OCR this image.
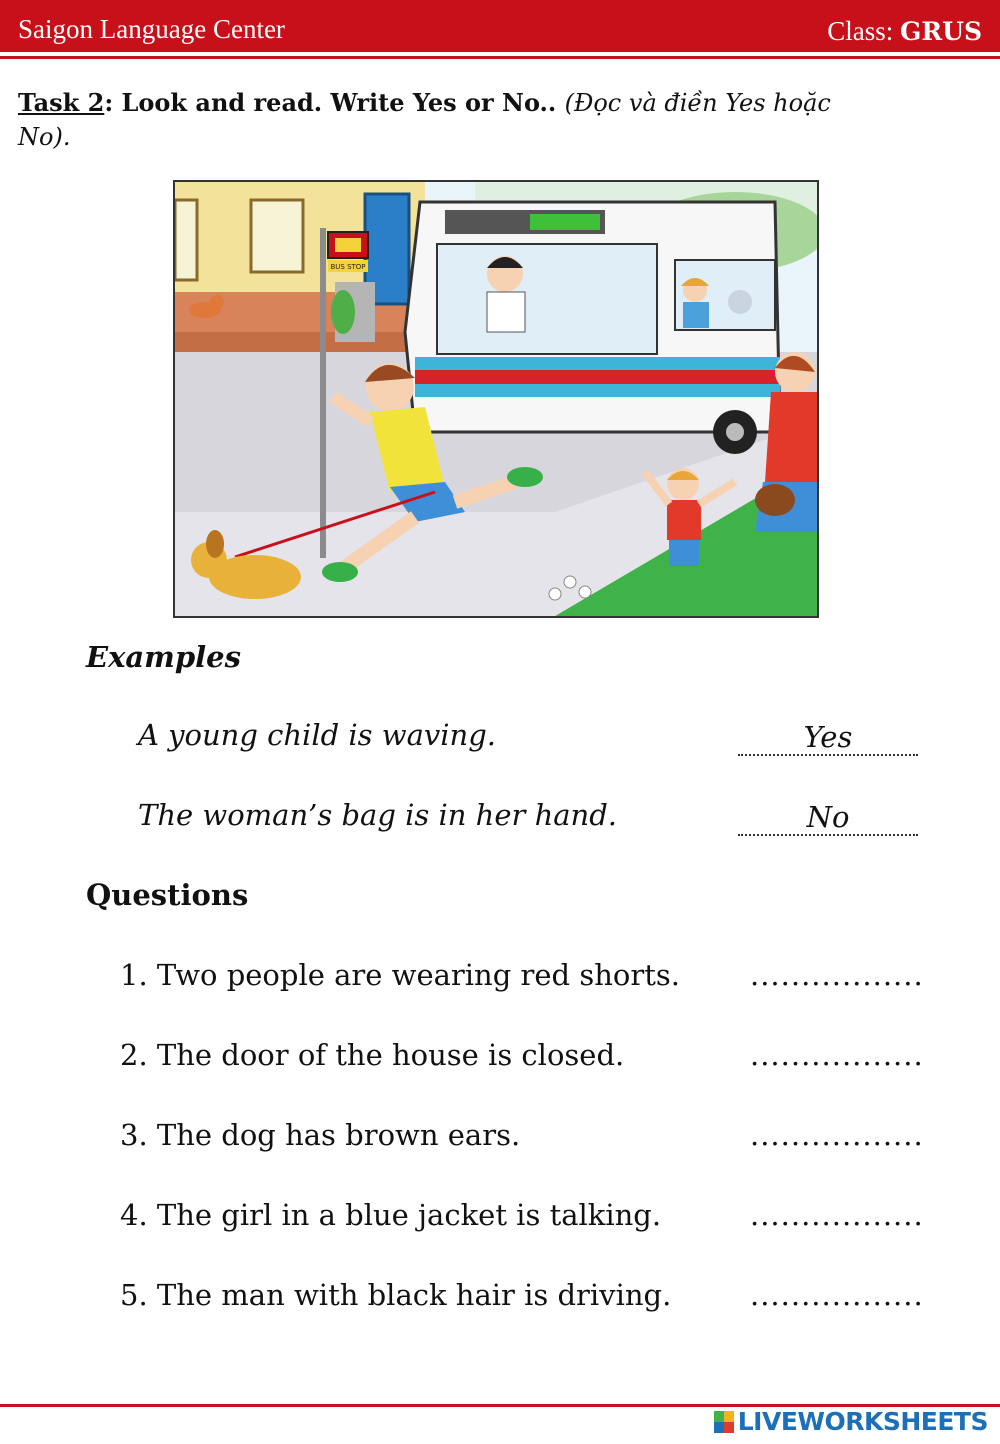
Saigon Language Center	Class: GRUS
Task 2: Look and read. Write Yes or No.. (Đọc và điền Yes hoặc No).
BUS STOP
Examples
A young child is waving.	Yes
The woman’s bag is in her hand.	No
Questions
1. Two people are wearing red shorts. .................
2. The door of the house is closed.	.................
3. The dog has brown ears.	.................
4. The girl in a blue jacket is talking.	.................
5. The man with black hair is driving.	.................
LIVEWORKSHEETS
